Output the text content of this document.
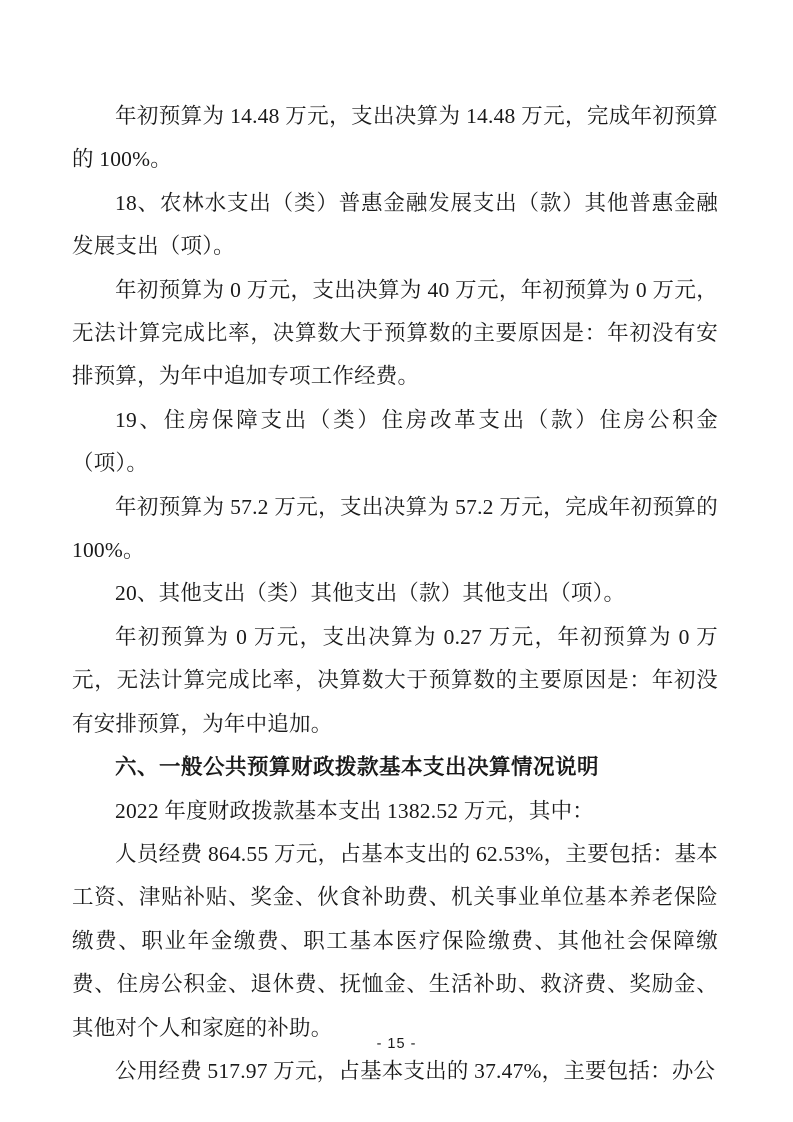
年初预算为 14.48 万元，支出决算为 14.48 万元，完成年初预算的 100%。

18、农林水支出（类）普惠金融发展支出（款）其他普惠金融发展支出（项）。

年初预算为 0 万元，支出决算为 40 万元，年初预算为 0 万元，无法计算完成比率，决算数大于预算数的主要原因是：年初没有安排预算，为年中追加专项工作经费。

19、住房保障支出（类）住房改革支出（款）住房公积金（项）。

年初预算为 57.2 万元，支出决算为 57.2 万元，完成年初预算的 100%。

20、其他支出（类）其他支出（款）其他支出（项）。

年初预算为 0 万元，支出决算为 0.27 万元，年初预算为 0 万元，无法计算完成比率，决算数大于预算数的主要原因是：年初没有安排预算，为年中追加。

六、一般公共预算财政拨款基本支出决算情况说明

2022 年度财政拨款基本支出 1382.52 万元，其中：

人员经费 864.55 万元，占基本支出的 62.53%，主要包括：基本工资、津贴补贴、奖金、伙食补助费、机关事业单位基本养老保险缴费、职业年金缴费、职工基本医疗保险缴费、其他社会保障缴费、住房公积金、退休费、抚恤金、生活补助、救济费、奖励金、其他对个人和家庭的补助。

公用经费 517.97 万元，占基本支出的 37.47%，主要包括：办公

- 15 -
